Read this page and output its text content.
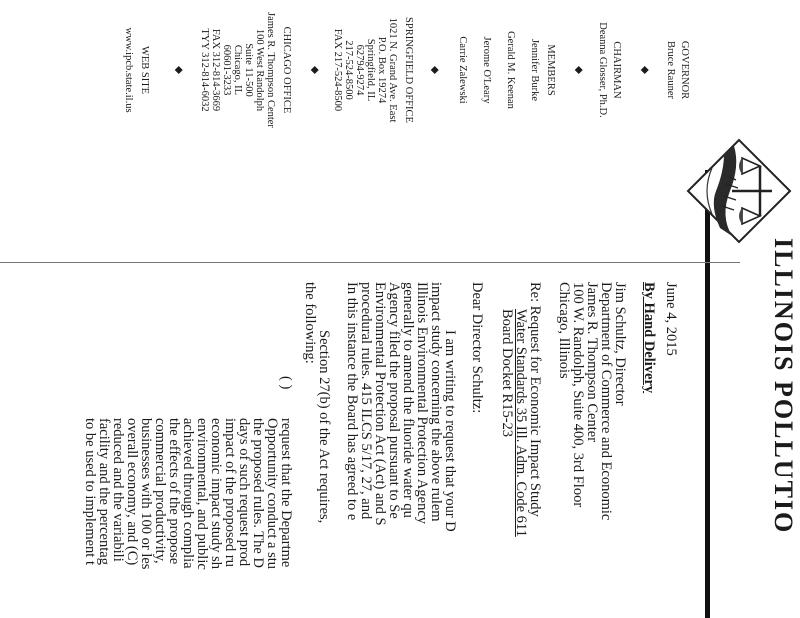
ILLINOIS POLLUTIO
GOVERNOR
Bruce Rauner
◆
CHAIRMAN
Deanna Glosser, Ph.D.
◆
MEMBERS
Jennifer Burke
Gerald M. Keenan
Jerome O'Leary
Carrie Zalewski
◆
SPRINGFIELD OFFICE
1021 N. Grand Ave. East
P.O. Box 19274
Springfield, IL
62794-9274
217-524-8500
FAX 217-524-8500
◆
CHICAGO OFFICE
James R. Thompson Center
100 West Randolph
Suite 11-500
Chicago, IL
60601-3233
FAX 312-814-3669
TYY 312-814-6032
◆
WEB SITE
www.ipcb.state.il.us
June 4, 2015
By Hand Delivery
Jim Schultz, Director
Department of Commerce and Economic
James R. Thompson Center
100 W. Randolph, Suite 400, 3rd Floor
Chicago, Illinois
Re: Request for Economic Impact Study
Water Standards 35 Ill. Adm. Code 611
Board Docket R15-23
Dear Director Schultz:
I am writing to request that your D
impact study concerning the above rulem
Illinois Environmental Protection Agency
generally to amend the fluoride water qu
Agency filed the proposal pursuant to Se
Environmental Protection Act (Act) and S
procedural rules. 415 ILCS 5/17, 27, and
In this instance the Board has agreed to e
Section 27(b) of the Act requires,
the following:
( )
request that the Departme
Opportunity conduct a stu
the proposed rules. The D
days of such request prod
impact of the proposed ru
economic impact study sh
environmental, and public
achieved through complia
the effects of the propose
commercial productivity,
businesses with 100 or les
overall economy, and (C)
reduced and the variabili
facility and the percentag
to be used to implement t
